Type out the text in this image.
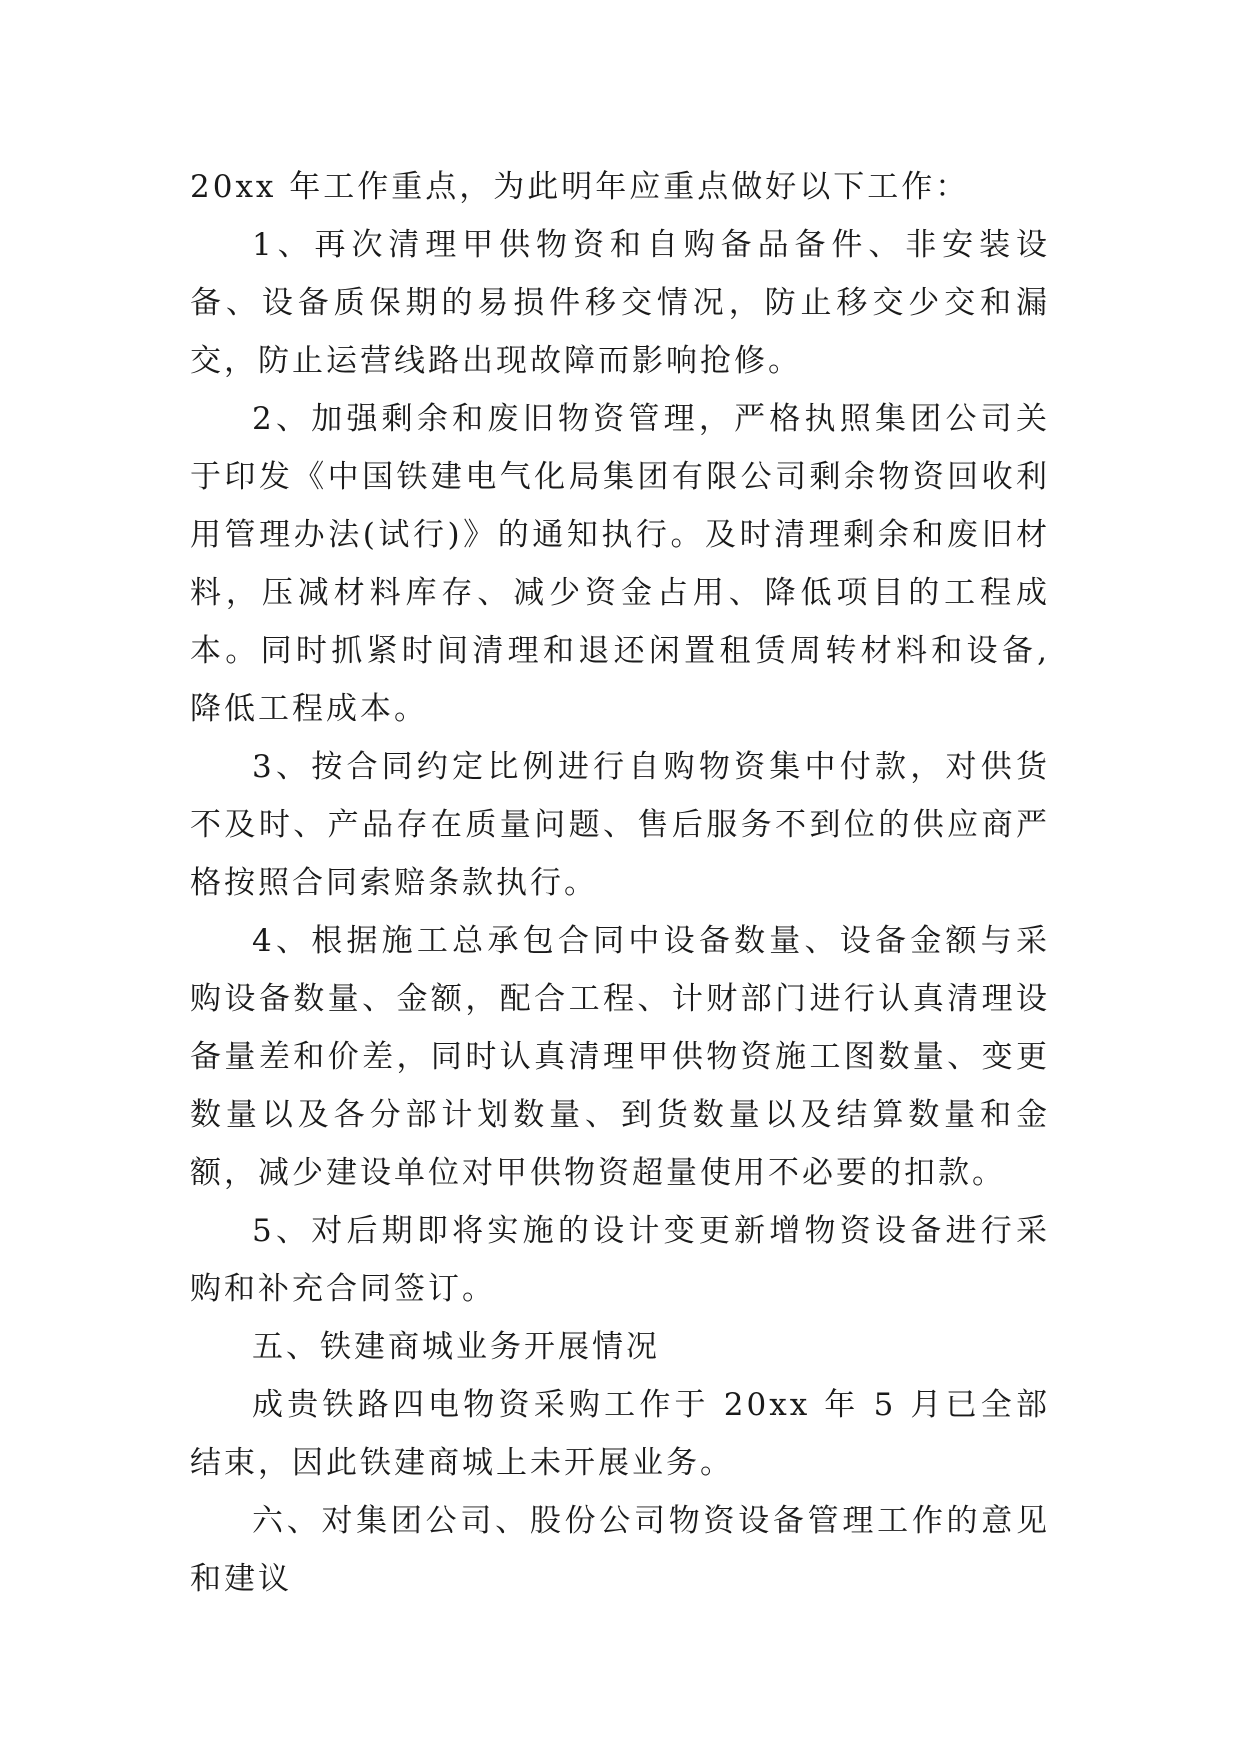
20xx 年工作重点，为此明年应重点做好以下工作：

1、再次清理甲供物资和自购备品备件、非安装设备、设备质保期的易损件移交情况，防止移交少交和漏交，防止运营线路出现故障而影响抢修。

2、加强剩余和废旧物资管理，严格执照集团公司关于印发《中国铁建电气化局集团有限公司剩余物资回收利用管理办法(试行)》的通知执行。及时清理剩余和废旧材料，压减材料库存、减少资金占用、降低项目的工程成本。同时抓紧时间清理和退还闲置租赁周转材料和设备,降低工程成本。

3、按合同约定比例进行自购物资集中付款，对供货不及时、产品存在质量问题、售后服务不到位的供应商严格按照合同索赔条款执行。

4、根据施工总承包合同中设备数量、设备金额与采购设备数量、金额，配合工程、计财部门进行认真清理设备量差和价差，同时认真清理甲供物资施工图数量、变更数量以及各分部计划数量、到货数量以及结算数量和金额，减少建设单位对甲供物资超量使用不必要的扣款。

5、对后期即将实施的设计变更新增物资设备进行采购和补充合同签订。

五、铁建商城业务开展情况

成贵铁路四电物资采购工作于 20xx 年 5 月已全部结束，因此铁建商城上未开展业务。

六、对集团公司、股份公司物资设备管理工作的意见和建议
